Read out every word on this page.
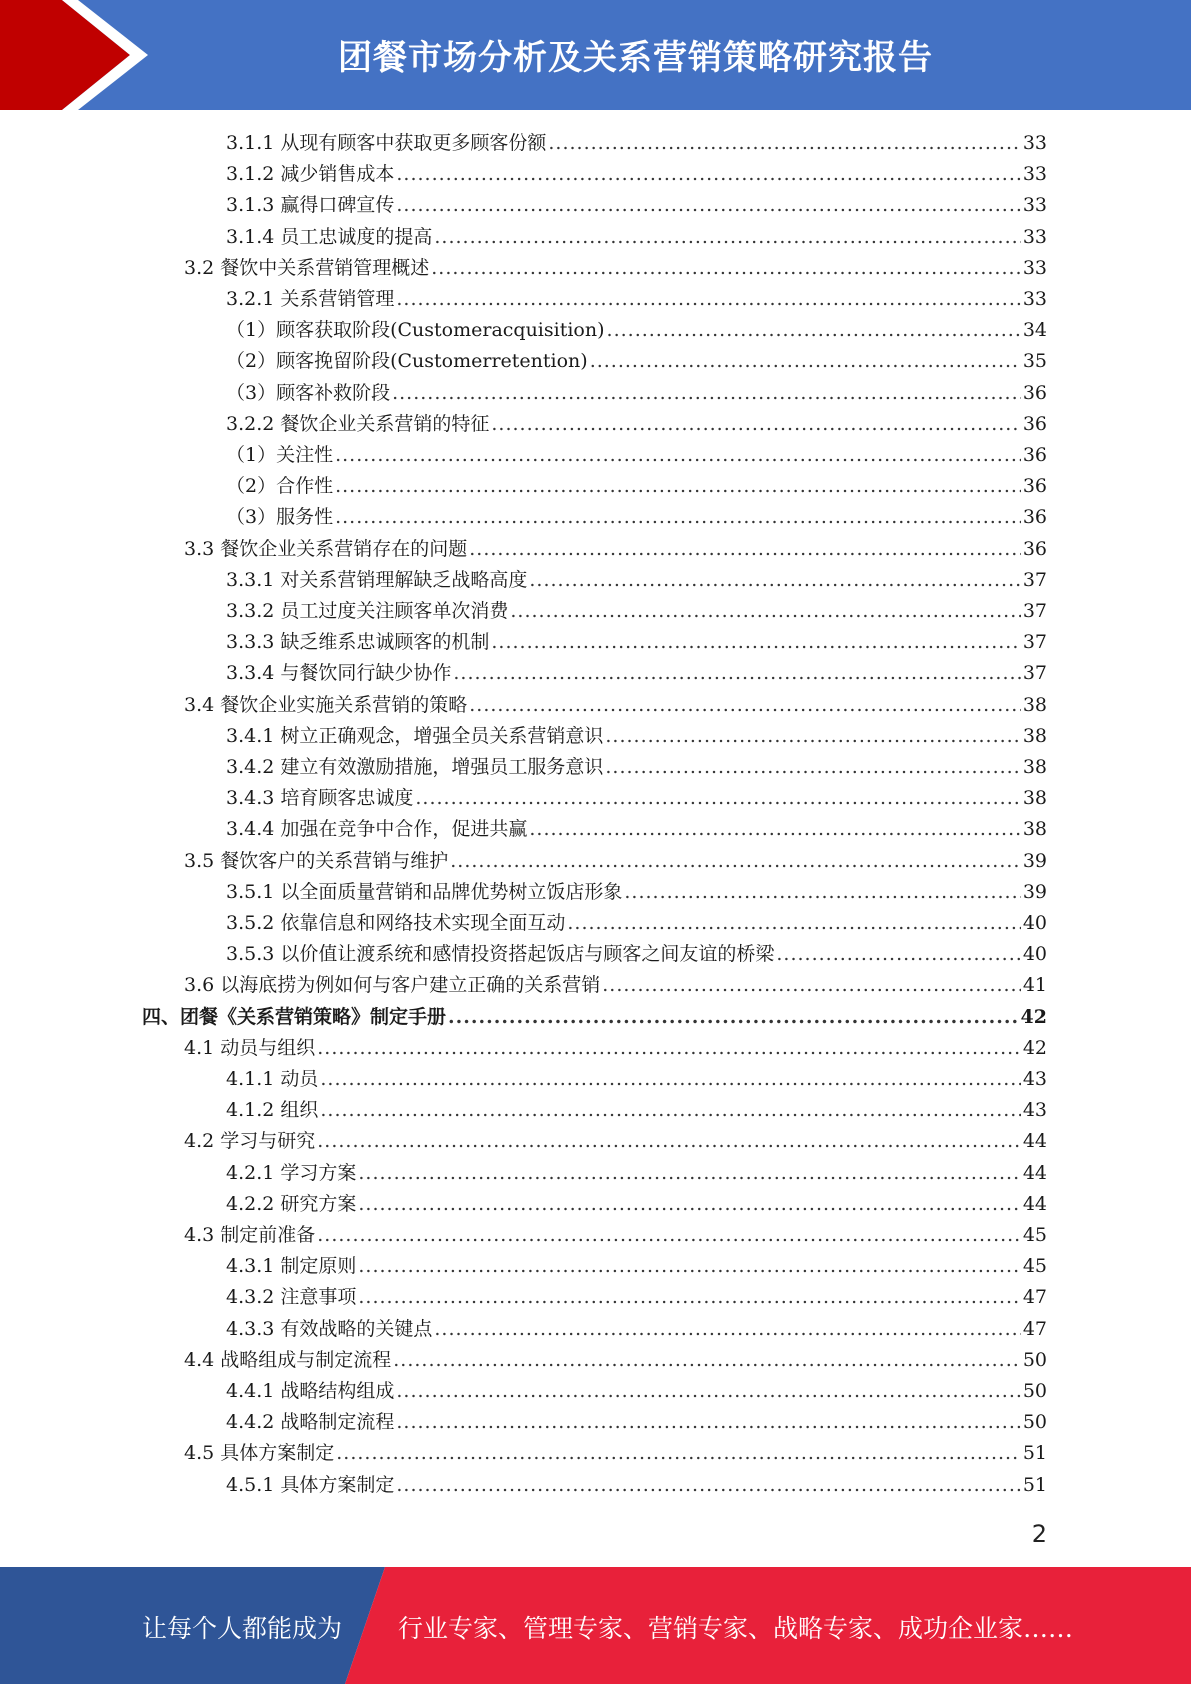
团餐市场分析及关系营销策略研究报告
3.1.1 从现有顾客中获取更多顾客份额 .....	33
3.1.2 减少销售成本 .....	33
3.1.3 赢得口碑宣传 .....	33
3.1.4 员工忠诚度的提高 .....	33
3.2 餐饮中关系营销管理概述 .....	33
3.2.1 关系营销管理 .....	33
（1）顾客获取阶段(Customeracquisition) .....	34
（2）顾客挽留阶段(Customerretention) .....	35
（3）顾客补救阶段 .....	36
3.2.2 餐饮企业关系营销的特征 .....	36
（1）关注性 .....	36
（2）合作性 .....	36
（3）服务性 .....	36
3.3 餐饮企业关系营销存在的问题 .....	36
3.3.1 对关系营销理解缺乏战略高度 .....	37
3.3.2 员工过度关注顾客单次消费 .....	37
3.3.3 缺乏维系忠诚顾客的机制 .....	37
3.3.4 与餐饮同行缺少协作 .....	37
3.4 餐饮企业实施关系营销的策略 .....	38
3.4.1 树立正确观念，增强全员关系营销意识 .....	38
3.4.2 建立有效激励措施，增强员工服务意识 .....	38
3.4.3 培育顾客忠诚度 .....	38
3.4.4 加强在竞争中合作，促进共赢 .....	38
3.5 餐饮客户的关系营销与维护 .....	39
3.5.1 以全面质量营销和品牌优势树立饭店形象 .....	39
3.5.2 依靠信息和网络技术实现全面互动 .....	40
3.5.3 以价值让渡系统和感情投资搭起饭店与顾客之间友谊的桥梁 .....	40
3.6 以海底捞为例如何与客户建立正确的关系营销 .....	41
四、团餐《关系营销策略》制定手册 .....	42
4.1 动员与组织 .....	42
4.1.1 动员 .....	43
4.1.2 组织 .....	43
4.2 学习与研究 .....	44
4.2.1 学习方案 .....	44
4.2.2 研究方案 .....	44
4.3 制定前准备 .....	45
4.3.1 制定原则 .....	45
4.3.2 注意事项 .....	47
4.3.3 有效战略的关键点 .....	47
4.4 战略组成与制定流程 .....	50
4.4.1 战略结构组成 .....	50
4.4.2 战略制定流程 .....	50
4.5 具体方案制定 .....	51
4.5.1 具体方案制定 .....	51
2
让每个人都能成为 行业专家、管理专家、营销专家、战略专家、成功企业家……
